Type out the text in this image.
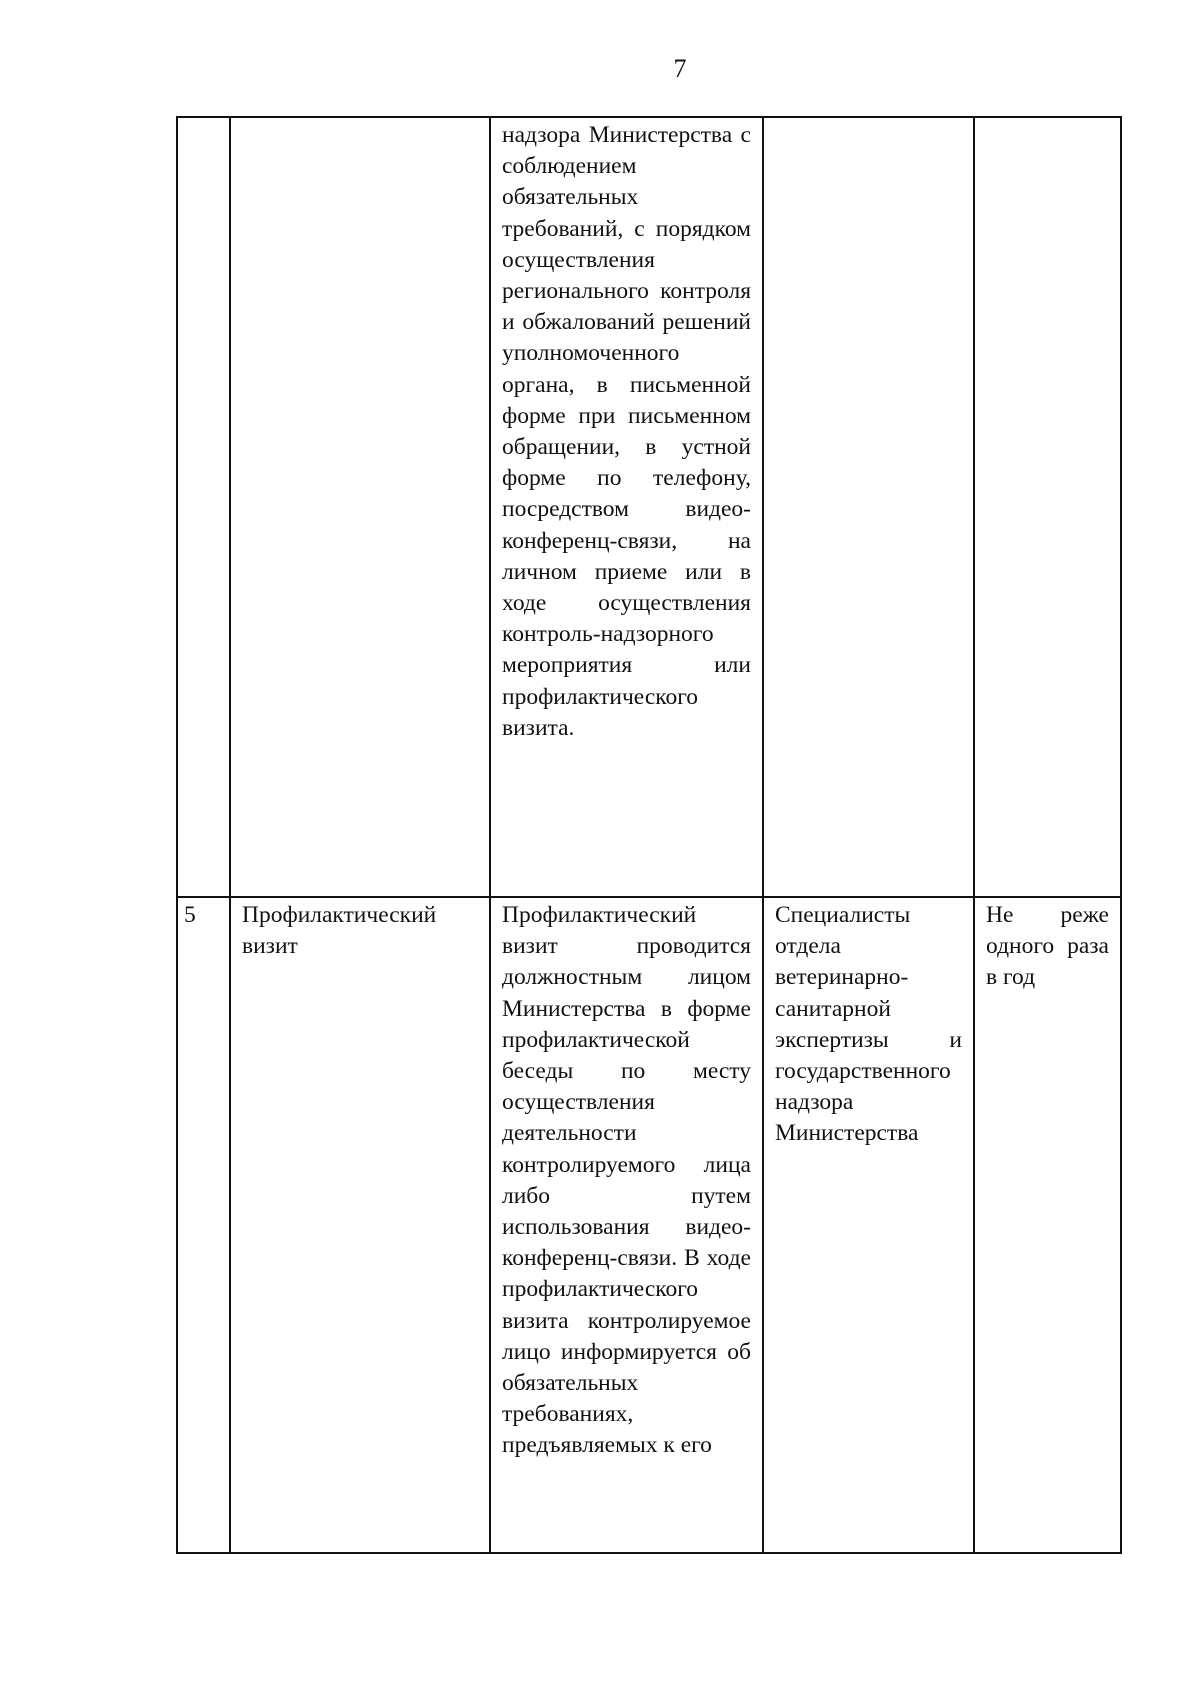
7

		надзора Министерства с соблюдением обязательных требований, с порядком осуществления регионального контроля и обжалований решений уполномоченного органа, в письменной форме при письменном обращении, в устной форме по телефону, посредством видео-конференц-связи, на личном приеме или в ходе осуществления контроль-надзорного мероприятия или профилактического визита.		

5	Профилактический визит	Профилактический визит проводится должностным лицом Министерства в форме профилактической беседы по месту осуществления деятельности контролируемого лица либо путем использования видео-конференц-связи. В ходе профилактического визита контролируемое лицо информируется об обязательных требованиях, предъявляемых к его	Специалисты отдела ветеринарно-санитарной экспертизы и государственного надзора Министерства	Не реже одного раза в год
